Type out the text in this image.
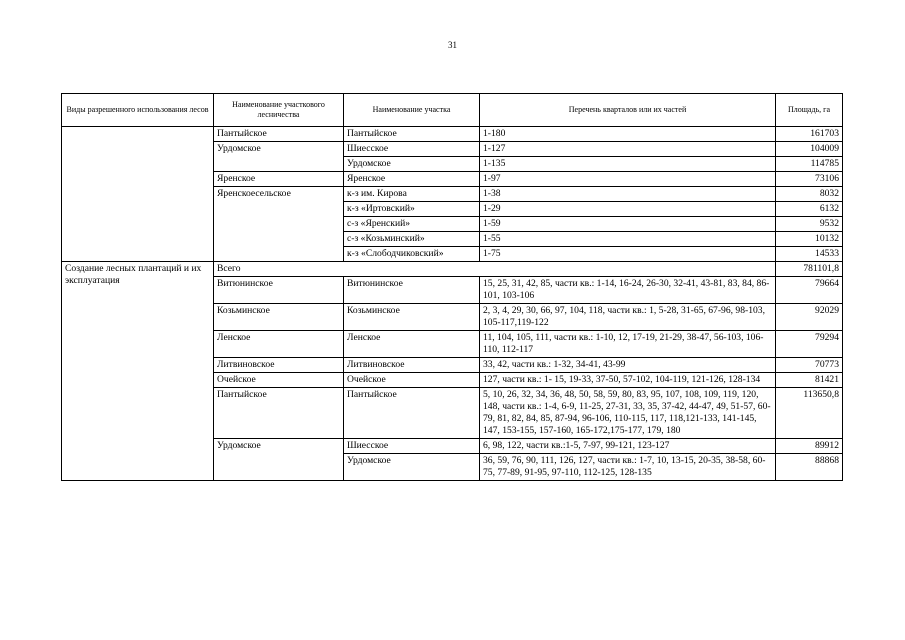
31
Виды разрешенного использования лесов	Наименование участкового лесничества	Наименование участка	Перечень кварталов или их частей	Площадь, га
	Пантыйское	Пантыйское	1-180	161703
	Урдомское	Шиесское	1-127	104009
		Урдомское	1-135	114785
	Яренское	Яренское	1-97	73106
	Яренскоесельское	к-з им. Кирова	1-38	8032
		к-з «Иртовский»	1-29	6132
		с-з «Яренский»	1-59	9532
		с-з «Козьминский»	1-55	10132
		к-з «Слободчиковский»	1-75	14533
Создание лесных плантаций и их эксплуатация	Всего			781101,8
	Витюнинское	Витюнинское	15, 25, 31, 42, 85, части кв.: 1-14, 16-24, 26-30, 32-41, 43-81, 83, 84, 86-101, 103-106	79664
	Козьминское	Козьминское	2, 3, 4, 29, 30, 66, 97, 104, 118, части кв.: 1, 5-28, 31-65, 67-96, 98-103, 105-117,119-122	92029
	Ленское	Ленское	11, 104, 105, 111, части кв.: 1-10, 12, 17-19, 21-29, 38-47, 56-103, 106-110, 112-117	79294
	Литвиновское	Литвиновское	33, 42, части кв.: 1-32, 34-41, 43-99	70773
	Очейское	Очейское	127, части кв.: 1- 15, 19-33, 37-50, 57-102, 104-119, 121-126, 128-134	81421
	Пантыйское	Пантыйское	5, 10, 26, 32, 34, 36, 48, 50, 58, 59, 80, 83, 95, 107, 108, 109, 119, 120, 148, части кв.: 1-4, 6-9, 11-25, 27-31, 33, 35, 37-42, 44-47, 49, 51-57, 60-79, 81, 82, 84, 85, 87-94, 96-106, 110-115, 117, 118,121-133, 141-145, 147, 153-155, 157-160, 165-172,175-177, 179, 180	113650,8
	Урдомское	Шиесское	6, 98, 122, части кв.:1-5, 7-97, 99-121, 123-127	89912
		Урдомское	36, 59, 76, 90, 111, 126, 127, части кв.: 1-7, 10, 13-15, 20-35, 38-58, 60-75, 77-89, 91-95, 97-110, 112-125, 128-135	88868
